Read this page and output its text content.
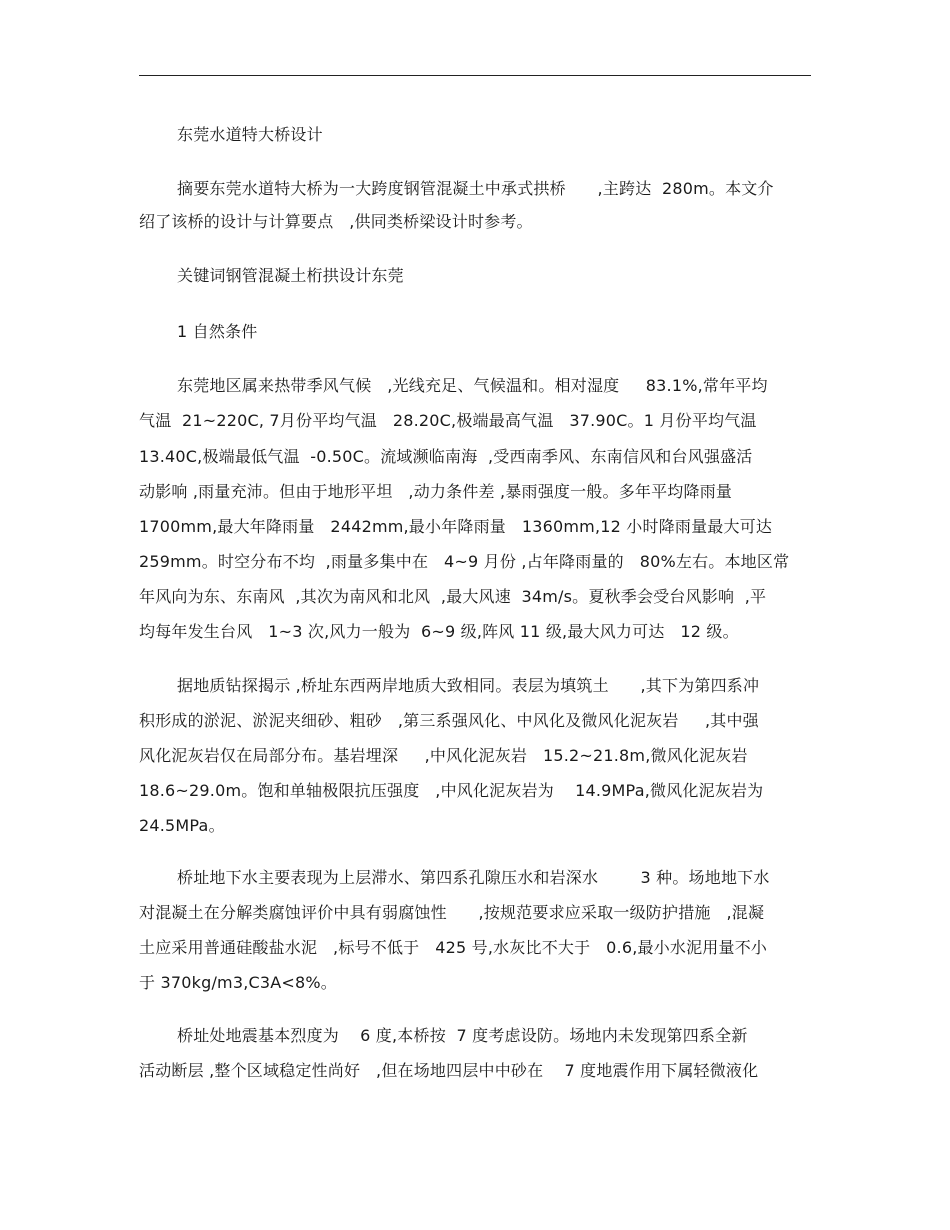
东莞水道特大桥设计
摘要东莞水道特大桥为一大跨度钢管混凝土中承式拱桥      ,主跨达  280m。本文介
绍了该桥的设计与计算要点   ,供同类桥梁设计时参考。
关键词钢管混凝土桁拱设计东莞
1 自然条件
东莞地区属来热带季风气候   ,光线充足、气候温和。相对湿度     83.1%,常年平均
气温  21~220C, 7月份平均气温   28.20C,极端最高气温   37.90C。1 月份平均气温
13.40C,极端最低气温  -0.50C。流域濒临南海  ,受西南季风、东南信风和台风强盛活
动影响 ,雨量充沛。但由于地形平坦   ,动力条件差 ,暴雨强度一般。多年平均降雨量
1700mm,最大年降雨量   2442mm,最小年降雨量   1360mm,12 小时降雨量最大可达
259mm。时空分布不均  ,雨量多集中在   4~9 月份 ,占年降雨量的   80%左右。本地区常
年风向为东、东南风  ,其次为南风和北风  ,最大风速  34m/s。夏秋季会受台风影响  ,平
均每年发生台风   1~3 次,风力一般为  6~9 级,阵风 11 级,最大风力可达   12 级。
据地质钻探揭示 ,桥址东西两岸地质大致相同。表层为填筑土      ,其下为第四系冲
积形成的淤泥、淤泥夹细砂、粗砂   ,第三系强风化、中风化及微风化泥灰岩     ,其中强
风化泥灰岩仅在局部分布。基岩埋深     ,中风化泥灰岩   15.2~21.8m,微风化泥灰岩
18.6~29.0m。饱和单轴极限抗压强度   ,中风化泥灰岩为    14.9MPa,微风化泥灰岩为
24.5MPa。
桥址地下水主要表现为上层滞水、第四系孔隙压水和岩深水        3 种。场地地下水
对混凝土在分解类腐蚀评价中具有弱腐蚀性      ,按规范要求应采取一级防护措施   ,混凝
土应采用普通硅酸盐水泥   ,标号不低于   425 号,水灰比不大于   0.6,最小水泥用量不小
于 370kg/m3,C3A<8%。
桥址处地震基本烈度为    6 度,本桥按  7 度考虑设防。场地内未发现第四系全新
活动断层 ,整个区域稳定性尚好   ,但在场地四层中中砂在    7 度地震作用下属轻微液化
